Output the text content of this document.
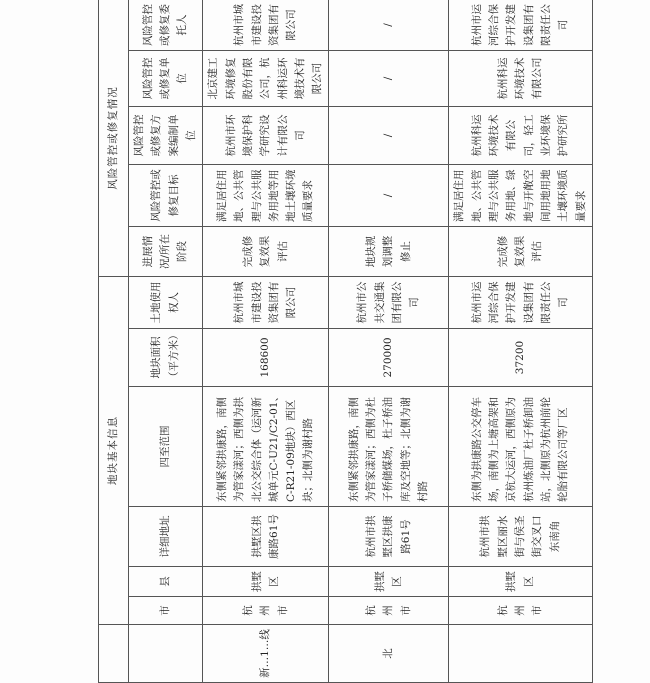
	地块基本信息						风险管控或修复情况				
	市	县	详细地址	四至范围	地块面积（平方米）	土地使用权人	进展情况/所在阶段	风险管控或修复目标	风险管控或修复方案编制单位	风险管控或修复单位	风险管控或修复委托人
新…1…线	杭州市	拱墅区	拱墅区拱康路61号	东侧紧邻拱康路，南侧为管家漾河；西侧为拱北公交综合体（运河新城单元C-U21/C2-01、C-R21-09地块）西区块；北侧为谢村路	168600	杭州市城市建设投资集团有限公司	完成修复效果评估	满足居住用地、公共管理与公共服务用地等用地土壤环境质量要求	杭州市环境保护科学研究设计有限公司	北京建工环境修复股份有限公司，杭州科运环境技术有限公司	杭州市城市建设投资集团有限公司
北	杭州市	拱墅区	杭州市拱墅区拱康路61号	东侧紧邻拱康路，南侧为管家漾河；西侧为杜子桥储煤场，杜子桥油库及空地等；北侧为谢村路	270000	杭州市公共交通集团有限公司	地块规划调整修止	/	/	/	/
	杭州市	拱墅区	杭州市拱墅区丽水街与侯圣街交叉口东南角	东侧为拱康路公交停车场，南侧为上塘高架和京杭大运河，西侧原为杭州炼油厂杜子桥卸油站，北侧原为杭州前轮轮胎有限公司等厂区	37200	杭州市运河综合保护开发建设集团有限责任公司	完成修复效果评估	满足居住用地、公共管理与公共服务用地、绿地与开敞空间用地用地土壤环境质量要求	杭州科运环境技术有限公司，轻工业环境保护研究所	杭州科运环境技术有限公司	杭州市运河综合保护开发建设集团有限责任公司
